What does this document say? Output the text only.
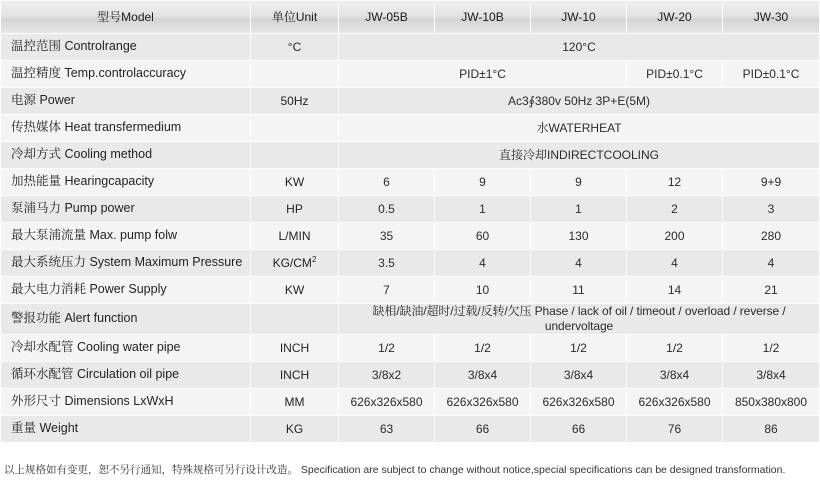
型号Model	单位Unit	JW-05B	JW-10B	JW-10	JW-20	JW-30
温控范围 Controlrange	°C	120°C				
温控精度 Temp.controlaccuracy		PID±1°C			PID±0.1°C	PID±0.1°C
电源 Power	50Hz	Ac3∮380v 50Hz 3P+E(5M)				
传热媒体 Heat transfermedium		水WATERHEAT				
冷却方式 Cooling method		直接冷却INDIRECTCOOLING				
加热能量 Hearingcapacity	KW	6	9	9	12	9+9
泵浦马力 Pump power	HP	0.5	1	1	2	3
最大泵浦流量 Max. pump folw	L/MIN	35	60	130	200	280
最大系统压力 System Maximum Pressure	$KG/CM^2$	3.5	4	4	4	4
最大电力消耗 Power Supply	KW	7	10	11	14	21
警报功能 Alert function		缺相/缺油/超时/过载/反转/欠压 Phase / lack of oil / timeout / overload / reverse / undervoltage				
冷却水配管 Cooling water pipe	INCH	1/2	1/2	1/2	1/2	1/2
循环水配管 Circulation oil pipe	INCH	3/8x2	3/8x4	3/8x4	3/8x4	3/8x4
外形尺寸 Dimensions LxWxH	MM	626x326x580	626x326x580	626x326x580	626x326x580	850x380x800
重量 Weight	KG	63	66	66	76	86
以上规格如有变更，恕不另行通知，特殊规格可另行设计改造。 Specification are subject to change without notice,special specifications can be designed transformation.
